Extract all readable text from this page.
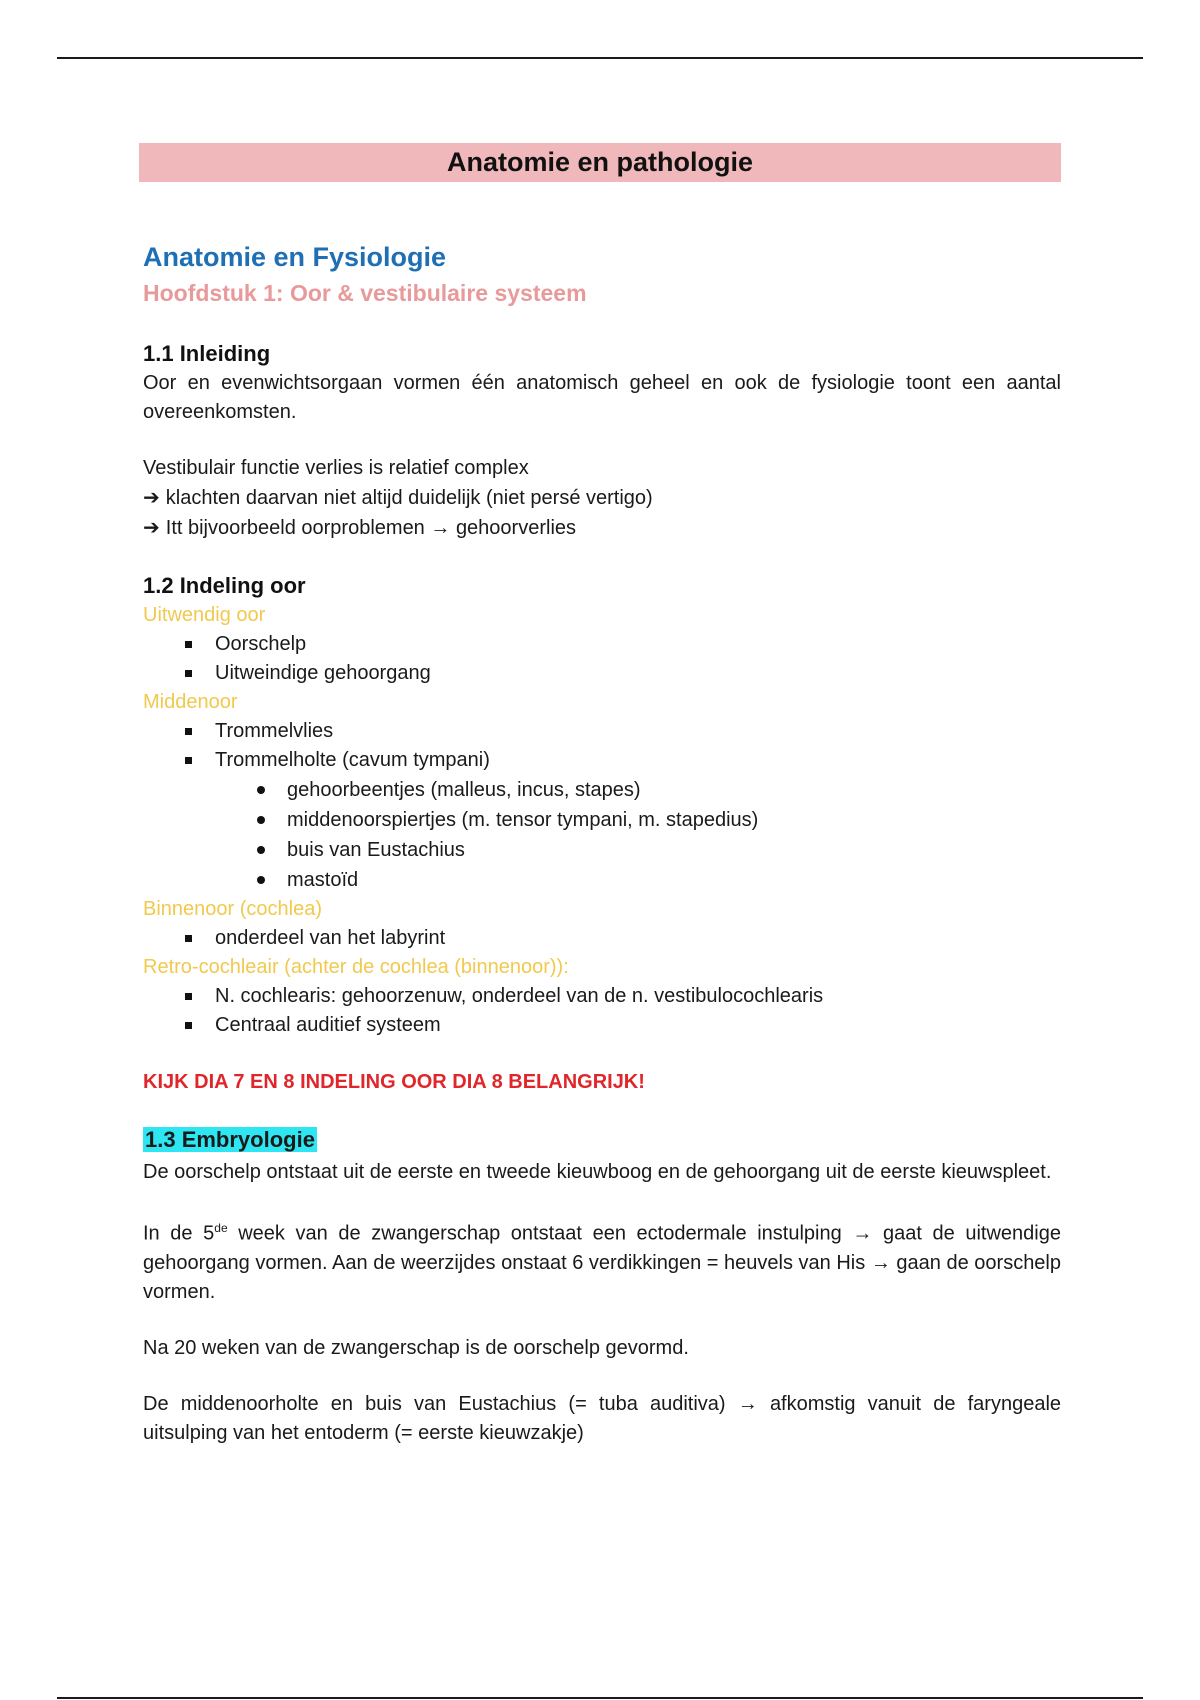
Anatomie en pathologie
Anatomie en Fysiologie
Hoofdstuk 1: Oor & vestibulaire systeem
1.1 Inleiding
Oor en evenwichtsorgaan vormen één anatomisch geheel en ook de fysiologie toont een aantal overeenkomsten.
Vestibulair functie verlies is relatief complex
➔ klachten daarvan niet altijd duidelijk (niet persé vertigo)
➔ Itt bijvoorbeeld oorproblemen → gehoorverlies
1.2 Indeling oor
Uitwendig oor
Oorschelp
Uitweindige gehoorgang
Middenoor
Trommelvlies
Trommelholte (cavum tympani)
gehoorbeentjes (malleus, incus, stapes)
middenoorspiertjes (m. tensor tympani, m. stapedius)
buis van Eustachius
mastoïd
Binnenoor (cochlea)
onderdeel van het labyrint
Retro-cochleair (achter de cochlea (binnenoor)):
N. cochlearis: gehoorzenuw, onderdeel van de n. vestibulocochlearis
Centraal auditief systeem
KIJK DIA 7 EN 8 INDELING OOR DIA 8 BELANGRIJK!
1.3 Embryologie
De oorschelp ontstaat uit de eerste en tweede kieuwboog en de gehoorgang uit de eerste kieuwspleet.
In de 5de week van de zwangerschap ontstaat een ectodermale instulping → gaat de uitwendige gehoorgang vormen. Aan de weerzijdes onstaat 6 verdikkingen = heuvels van His → gaan de oorschelp vormen.
Na 20 weken van de zwangerschap is de oorschelp gevormd.
De middenoorholte en buis van Eustachius (= tuba auditiva) → afkomstig vanuit de faryngeale uitsulping van het entoderm (= eerste kieuwzakje)
